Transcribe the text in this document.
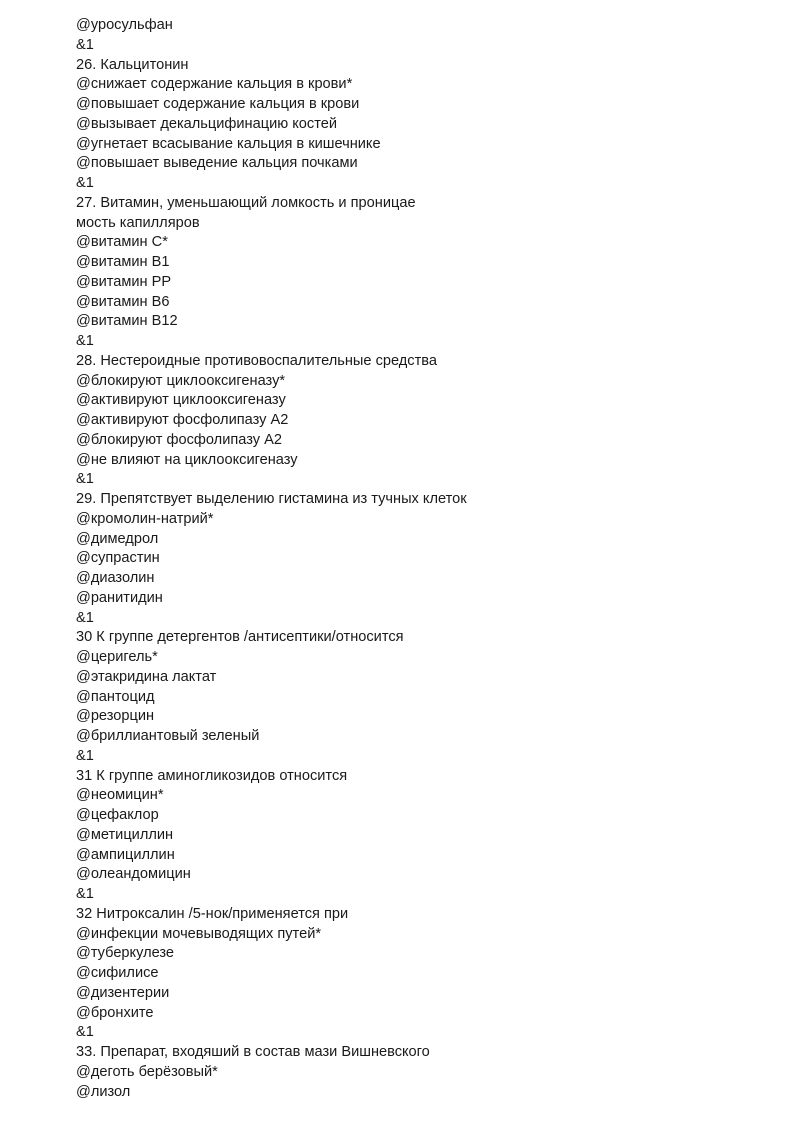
@уросульфан
&1
26. Кальцитонин
@снижает содержание кальция в крови*
@повышает содержание кальция в крови
@вызывает декальцифинацию костей
@угнетает всасывание кальция в кишечнике
@повышает выведение кальция почками
&1
27. Витамин, уменьшающий ломкость и проницае
мость капилляров
@витамин С*
@витамин В1
@витамин РР
@витамин В6
@витамин В12
&1
28. Нестероидные противовоспалительные средства
@блокируют циклооксигеназу*
@активируют циклооксигеназу
@активируют фосфолипазу А2
@блокируют фосфолипазу А2
@не влияют на циклооксигеназу
&1
29. Препятствует выделению гистамина из тучных клеток
@кромолин-натрий*
@димедрол
@супрастин
@диазолин
@ранитидин
&1
30 К группе детергентов /антисептики/относится
@церигель*
@этакридина лактат
@пантоцид
@резорцин
@бриллиантовый зеленый
&1
31 К группе аминогликозидов относится
@неомицин*
@цефаклор
@метициллин
@ампициллин
@олеандомицин
&1
32 Нитроксалин /5-нок/применяется при
@инфекции мочевыводящих путей*
@туберкулезе
@сифилисе
@дизентерии
@бронхите
&1
33. Препарат, входяший в состав мази Вишневского
@деготь берёзовый*
@лизол
